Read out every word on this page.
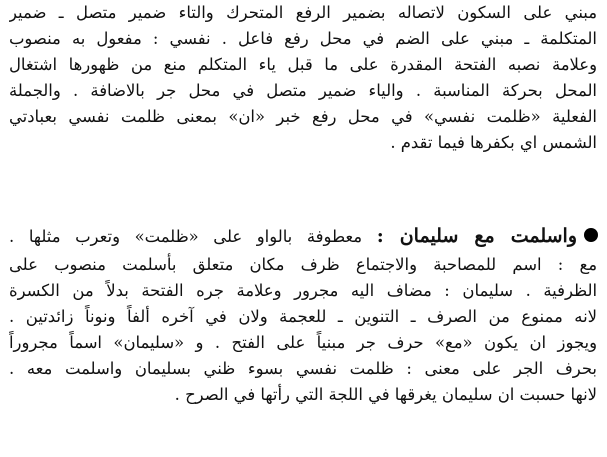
مبني على السكون لاتصاله بضمير الرفع المتحرك والتاء ضمير متصل ـ ضمير
المتكلمة ـ مبني على الضم في محل رفع فاعل . نفسي : مفعول به منصوب
وعلامة نصبه الفتحة المقدرة على ما قبل ياء المتكلم منع من ظهورها اشتغال
المحل بحركة المناسبة . والياء ضمير متصل في محل جر بالاضافة . والجملة
الفعلية «ظلمت نفسي» في محل رفع خبر «ان» بمعنى ظلمت نفسي بعبادتي
الشمس اي بكفرها فيما تقدم .
واسلمت مع سليمان : معطوفة بالواو على «ظلمت» وتعرب مثلها .
مع : اسم للمصاحبة والاجتماع ظرف مكان متعلق بأسلمت منصوب على
الظرفية . سليمان : مضاف اليه مجرور وعلامة جره الفتحة بدلاً من الكسرة
لانه ممنوع من الصرف ـ التنوين ـ للعجمة ولان في آخره ألفاً ونوناً زائدتين .
ويجوز ان يكون «مع» حرف جر مبنياً على الفتح . و «سليمان» اسماً مجروراً
بحرف الجر على معنى : ظلمت نفسي بسوء ظني بسليمان واسلمت معه .
لانها حسبت ان سليمان يغرقها في اللجة التي رأتها في الصرح .
